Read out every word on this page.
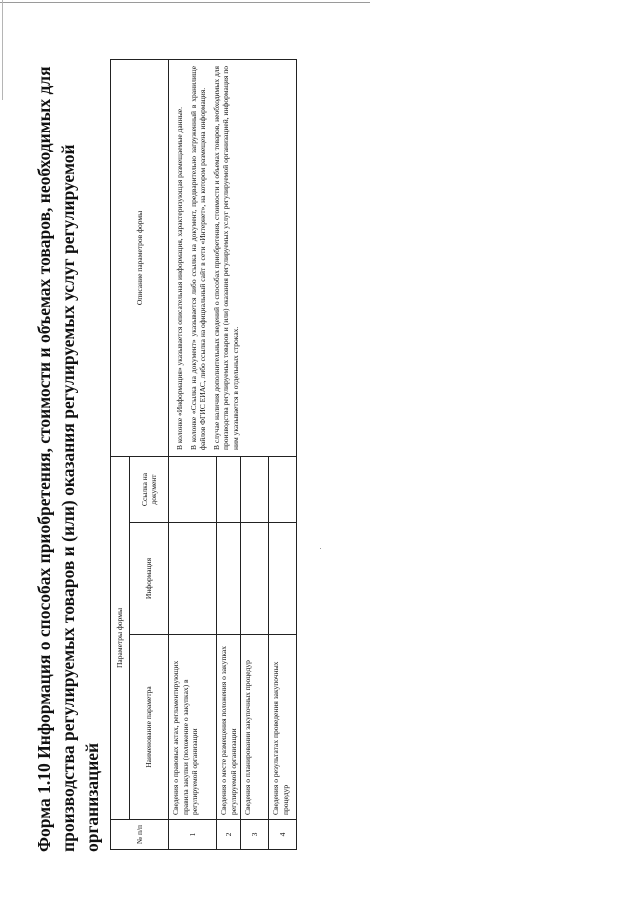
Форма 1.10 Информация о способах приобретения, стоимости и объемах товаров, необходимых для производства регулируемых товаров и (или) оказания регулируемых услуг регулируемой организацией	№ п/п	Параметры формы			Описание параметров формы
	Наименование параметра	Информация	Ссылка на документ	
1	Сведения о правовых актах, регламентирующих правила закупки (положение о закупках) в регулируемой организации			В колонке «Информация» указывается описательная информация, характеризующая размещаемые данные. В колонке «Ссылка на документ» указывается либо ссылка на документ, предварительно загруженный в хранилище файлов ФГИС ЕИАС, либо ссылка на официальный сайт в сети «Интернет», на котором размещена информация. В случае наличия дополнительных сведений о способах приобретения, стоимости и объемах товаров, необходимых для производства регулируемых товаров и (или) оказания регулируемых услуг регулируемой организацией, информация по ним указывается в отдельных строках.

2	Сведения о месте размещения положения о закупках регулируемой организации			
3	Сведения о планировании закупочных процедур			
4	Сведения о результатах проведения закупочных процедур			
